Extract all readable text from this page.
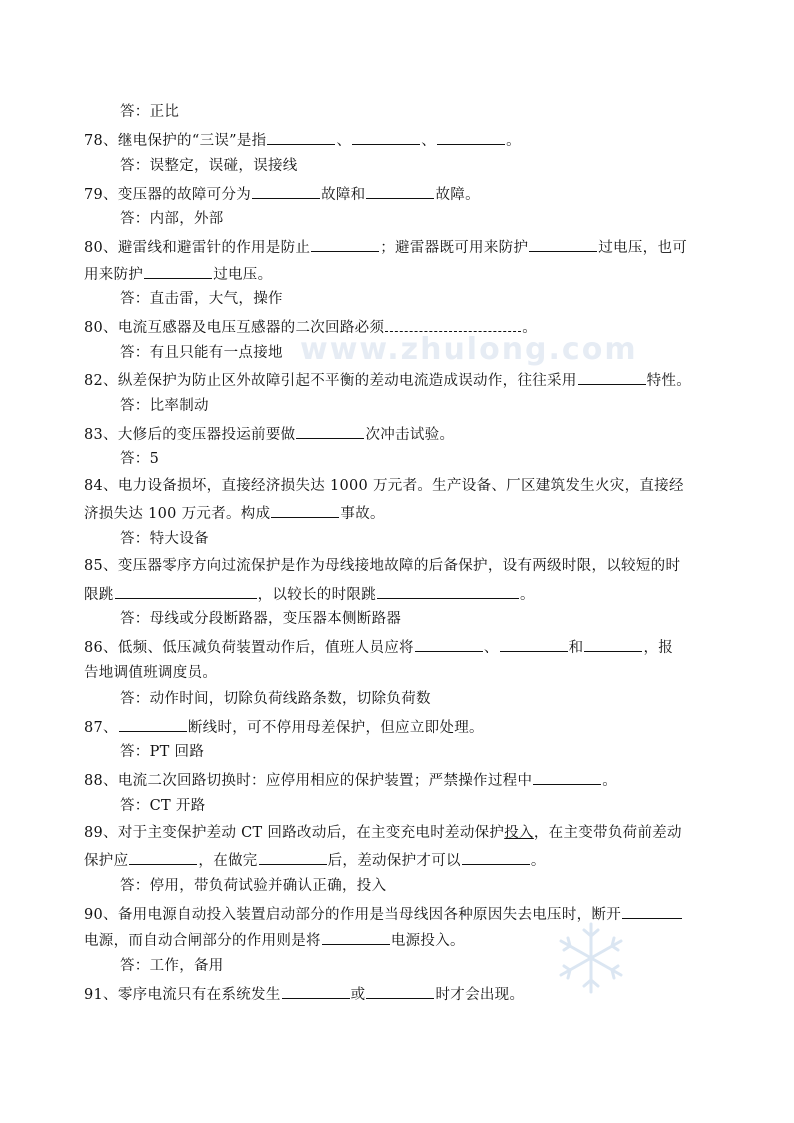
www.zhulong.com
答：正比
78、继电保护的“三误”是指	、	、	。
答：误整定，误碰，误接线
79、变压器的故障可分为	故障和	故障。
答：内部，外部
80、避雷线和避雷针的作用是防止	；避雷器既可用来防护	过电压，也可
用来防护	过电压。
答：直击雷，大气，操作
80、电流互感器及电压互感器的二次回路必须	。
答：有且只能有一点接地
82、纵差保护为防止区外故障引起不平衡的差动电流造成误动作，往往采用	特性。
答：比率制动
83、大修后的变压器投运前要做	次冲击试验。
答：5
84、电力设备损坏，直接经济损失达 1000 万元者。生产设备、厂区建筑发生火灾，直接经
济损失达 100 万元者。构成	事故。
答：特大设备
85、变压器零序方向过流保护是作为母线接地故障的后备保护，设有两级时限，以较短的时
限跳	，以较长的时限跳	。
答：母线或分段断路器，变压器本侧断路器
86、低频、低压减负荷装置动作后，值班人员应将	、	和	，报
告地调值班调度员。
答：动作时间，切除负荷线路条数，切除负荷数
87、	断线时，可不停用母差保护，但应立即处理。
答：PT 回路
88、电流二次回路切换时：应停用相应的保护装置；严禁操作过程中	。
答：CT 开路
89、对于主变保护差动 CT 回路改动后，在主变充电时差动保护投入，在主变带负荷前差动
保护应	，在做完	后，差动保护才可以	。
答：停用，带负荷试验并确认正确，投入
90、备用电源自动投入装置启动部分的作用是当母线因各种原因失去电压时，断开
电源，而自动合闸部分的作用则是将	电源投入。
答：工作，备用
91、零序电流只有在系统发生	或	时才会出现。
